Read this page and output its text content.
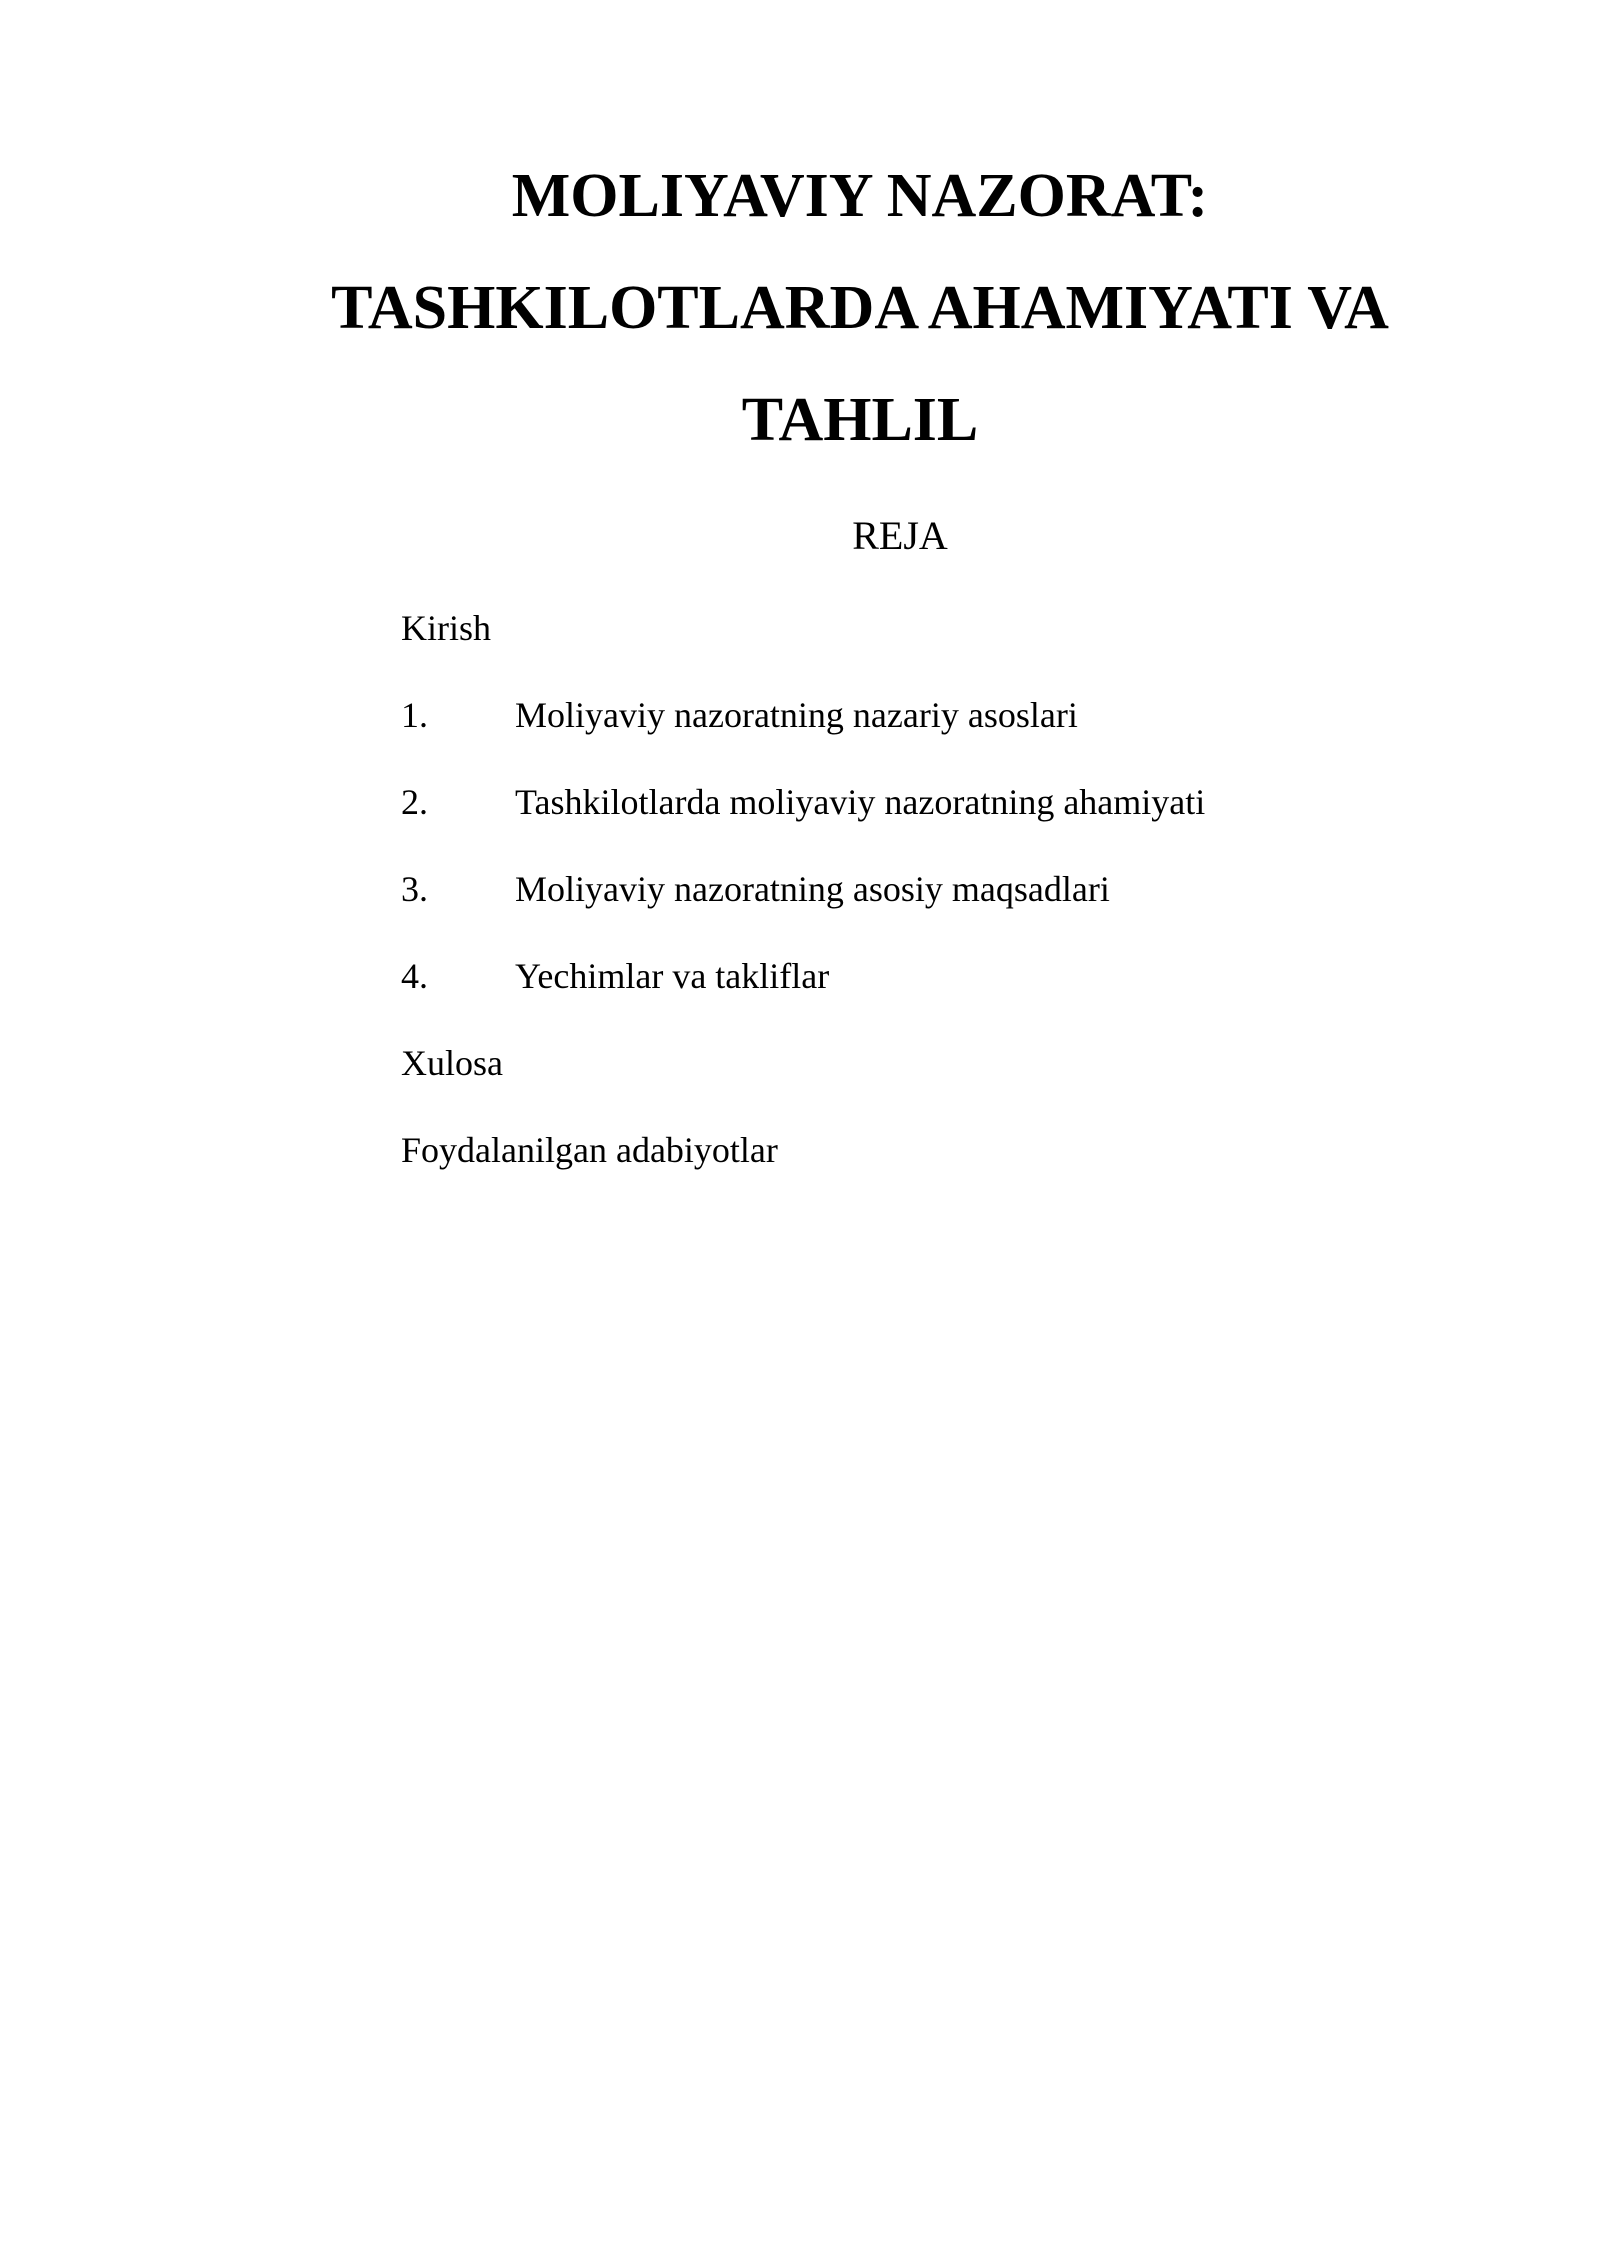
MOLIYAVIY NAZORAT:
TASHKILOTLARDA AHAMIYATI VA
TAHLIL
REJA
Kirish
1. Moliyaviy nazoratning nazariy asoslari
2. Tashkilotlarda moliyaviy nazoratning ahamiyati
3. Moliyaviy nazoratning asosiy maqsadlari
4. Yechimlar va takliflar
Xulosa
Foydalanilgan adabiyotlar
